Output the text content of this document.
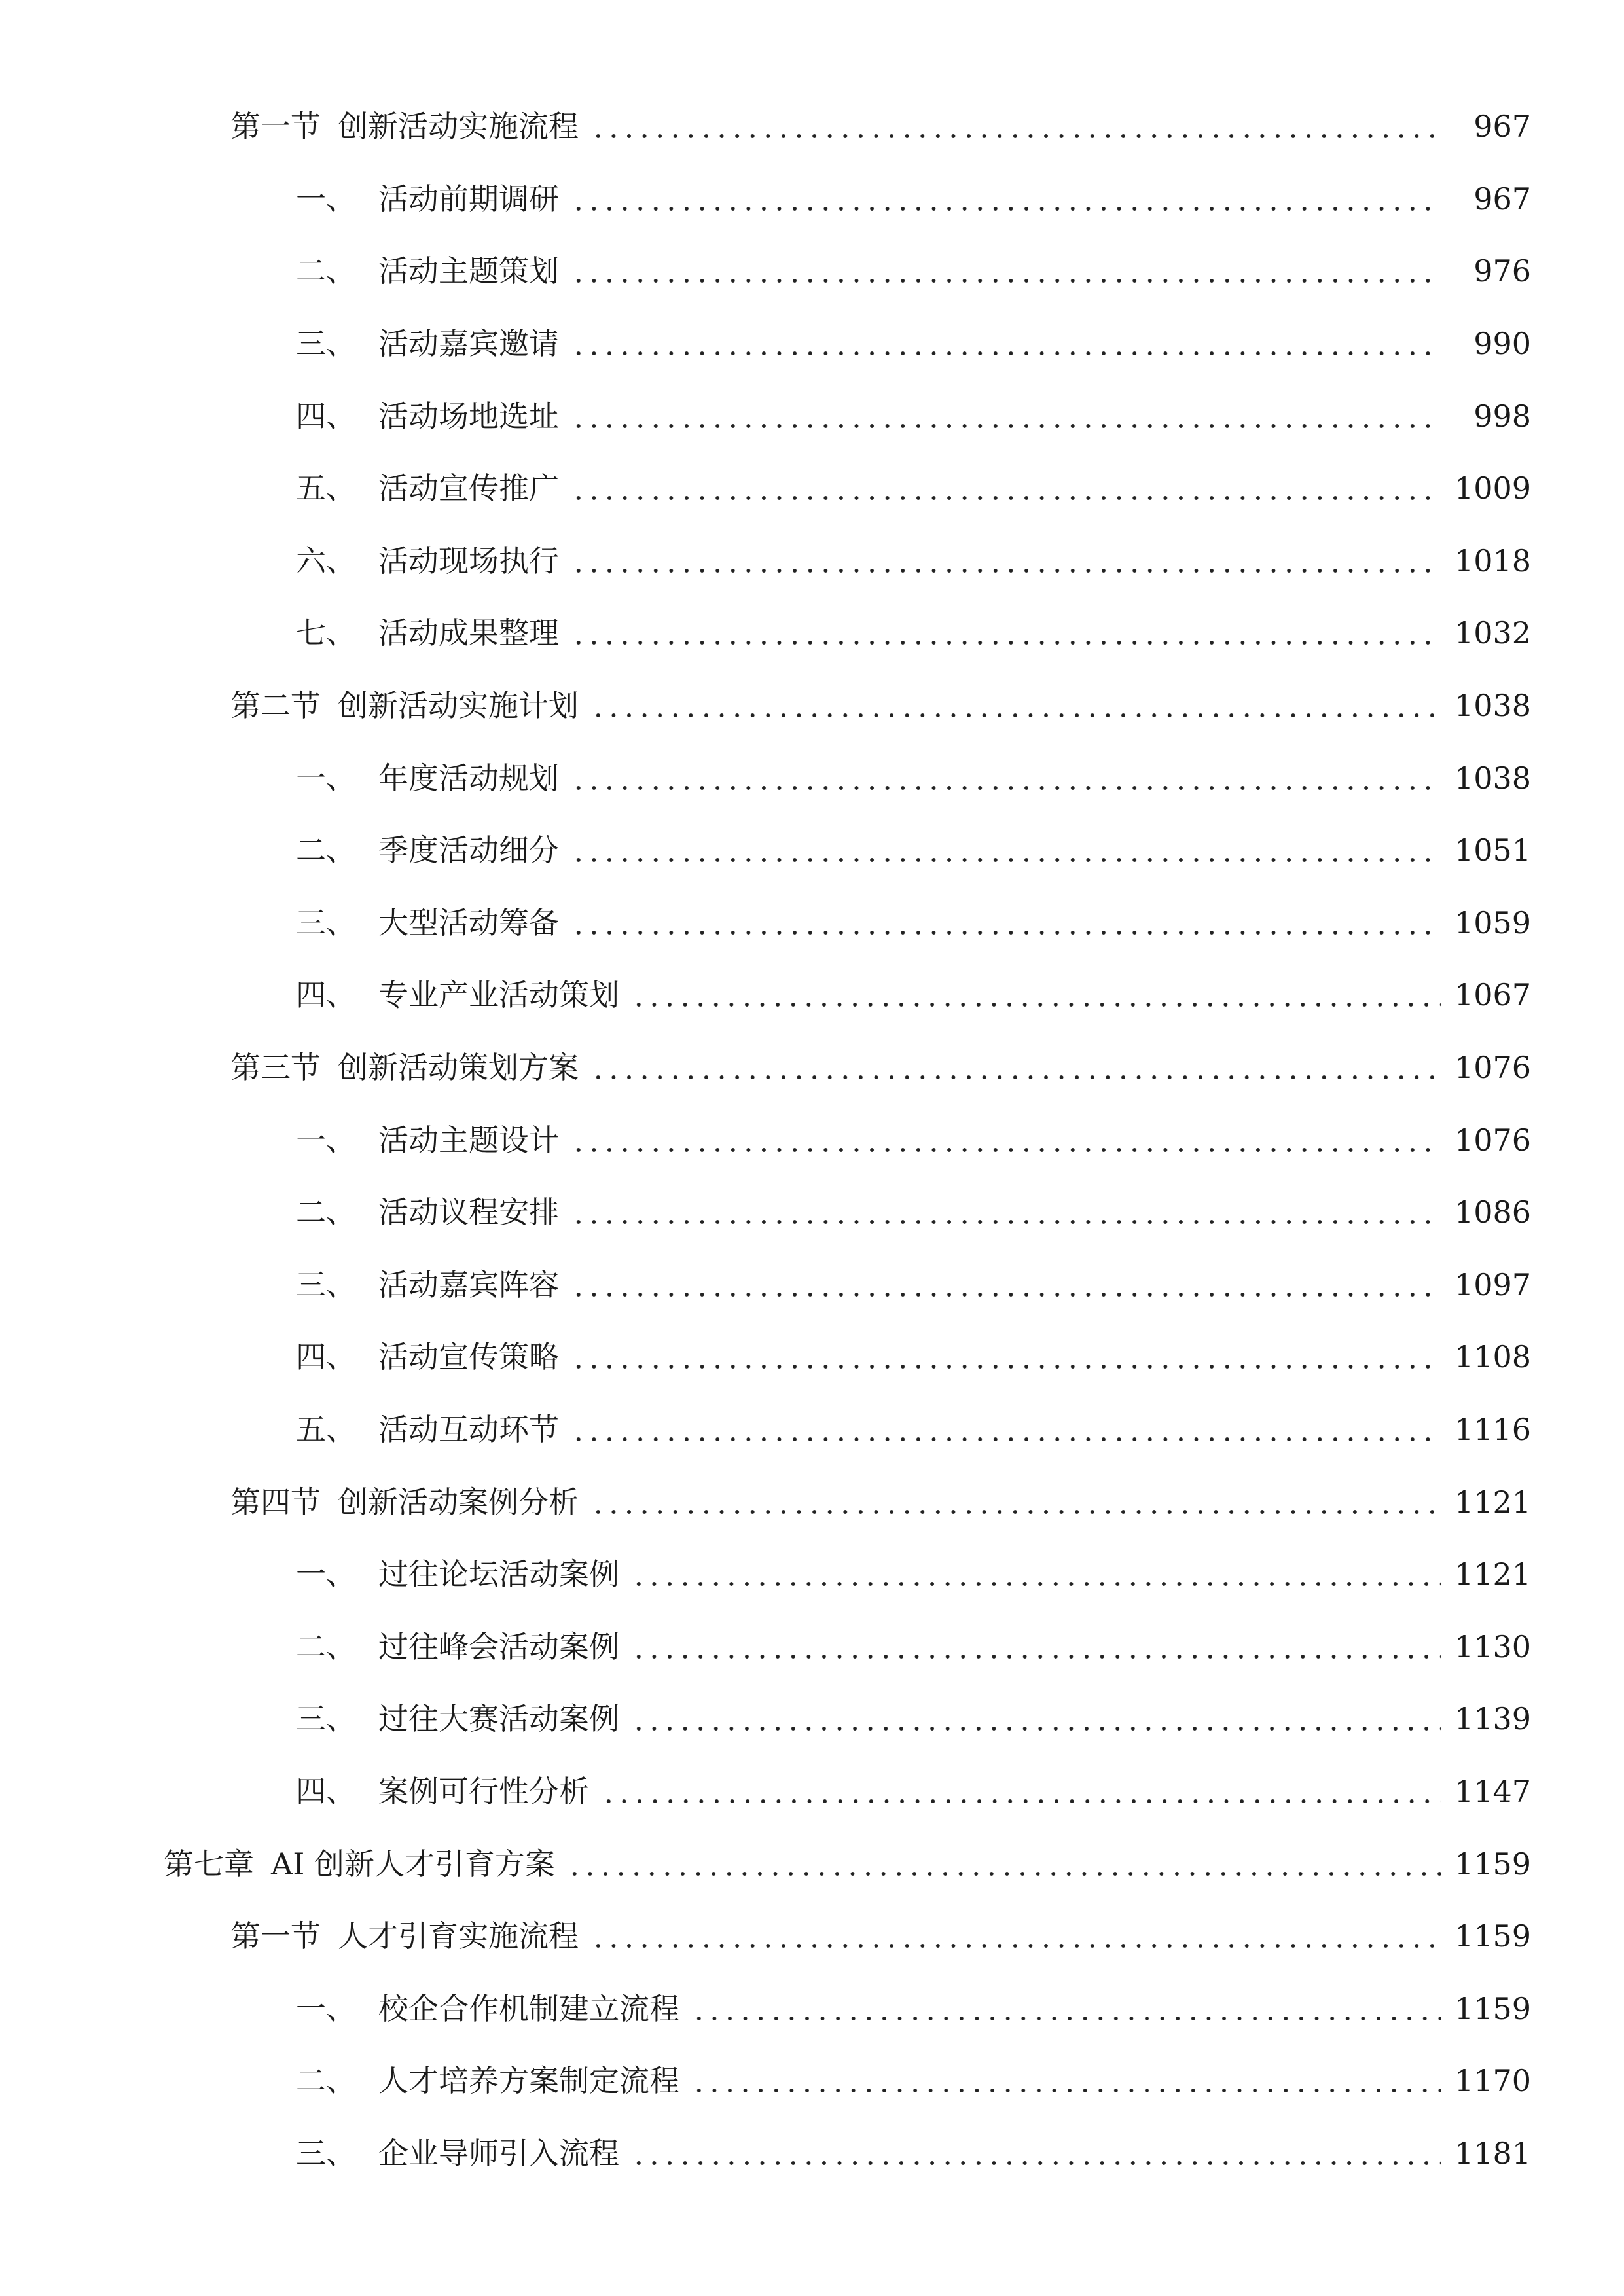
第一节 创新活动实施流程	967
一、 活动前期调研	967
二、 活动主题策划	976
三、 活动嘉宾邀请	990
四、 活动场地选址	998
五、 活动宣传推广	1009
六、 活动现场执行	1018
七、 活动成果整理	1032
第二节 创新活动实施计划	1038
一、 年度活动规划	1038
二、 季度活动细分	1051
三、 大型活动筹备	1059
四、 专业产业活动策划	1067
第三节 创新活动策划方案	1076
一、 活动主题设计	1076
二、 活动议程安排	1086
三、 活动嘉宾阵容	1097
四、 活动宣传策略	1108
五、 活动互动环节	1116
第四节 创新活动案例分析	1121
一、 过往论坛活动案例	1121
二、 过往峰会活动案例	1130
三、 过往大赛活动案例	1139
四、 案例可行性分析	1147
第七章 AI 创新人才引育方案	1159
第一节 人才引育实施流程	1159
一、 校企合作机制建立流程	1159
二、 人才培养方案制定流程	1170
三、 企业导师引入流程	1181
